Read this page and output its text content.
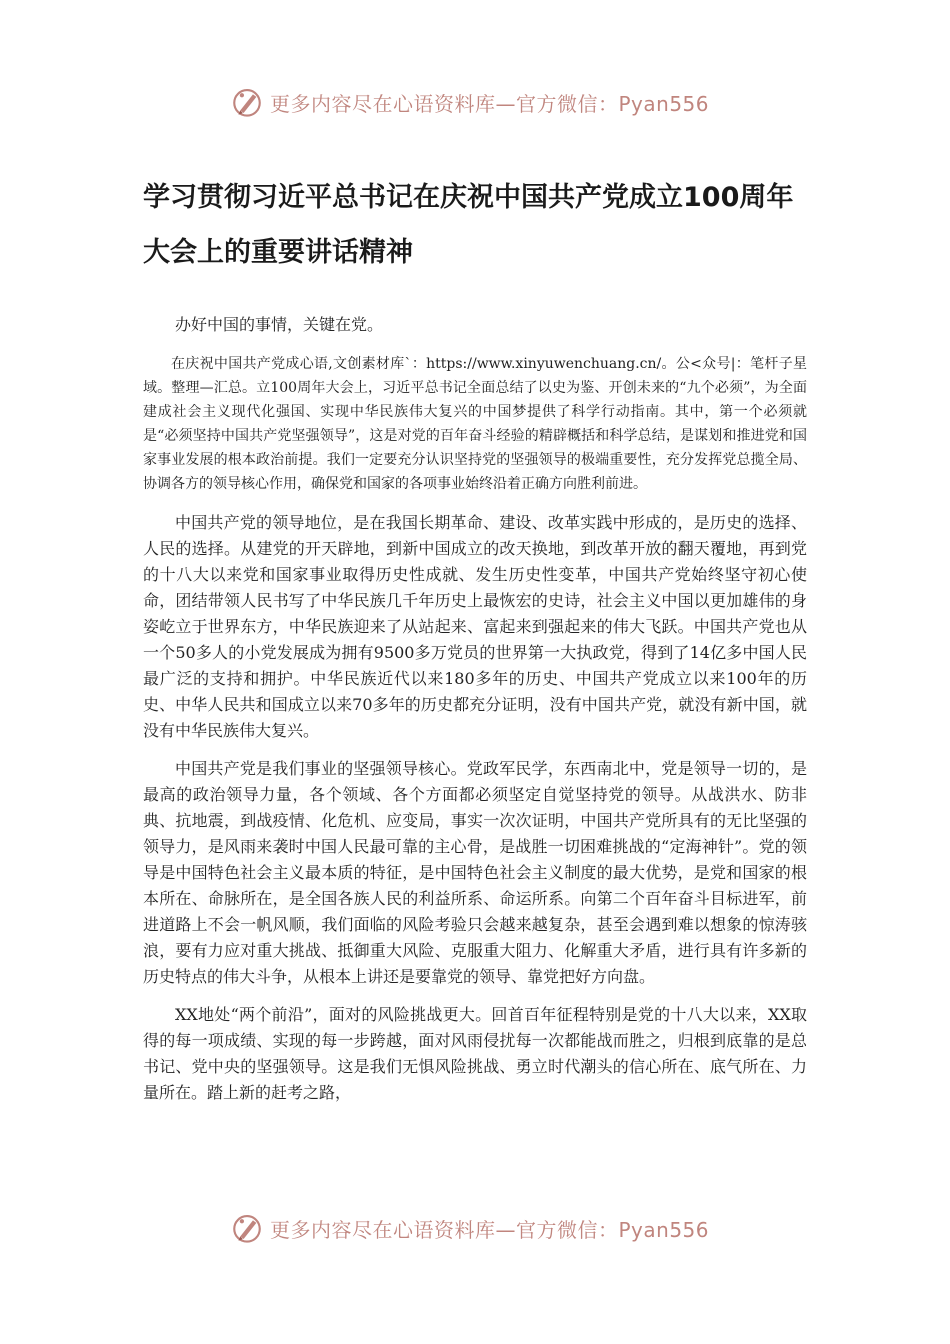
更多内容尽在心语资料库—官方微信：Pyan556
学习贯彻习近平总书记在庆祝中国共产党成立100周年大会上的重要讲话精神

办好中国的事情，关键在党。

在庆祝中国共产党成心语,文创素材库`：https://www.xinyuwenchuang.cn/。公<众号|：笔杆子星域。整理—汇总。立100周年大会上，习近平总书记全面总结了以史为鉴、开创未来的“九个必须”，为全面建成社会主义现代化强国、实现中华民族伟大复兴的中国梦提供了科学行动指南。其中，第一个必须就是“必须坚持中国共产党坚强领导”，这是对党的百年奋斗经验的精辟概括和科学总结，是谋划和推进党和国家事业发展的根本政治前提。我们一定要充分认识坚持党的坚强领导的极端重要性，充分发挥党总揽全局、协调各方的领导核心作用，确保党和国家的各项事业始终沿着正确方向胜利前进。

中国共产党的领导地位，是在我国长期革命、建设、改革实践中形成的，是历史的选择、人民的选择。从建党的开天辟地，到新中国成立的改天换地，到改革开放的翻天覆地，再到党的十八大以来党和国家事业取得历史性成就、发生历史性变革，中国共产党始终坚守初心使命，团结带领人民书写了中华民族几千年历史上最恢宏的史诗，社会主义中国以更加雄伟的身姿屹立于世界东方，中华民族迎来了从站起来、富起来到强起来的伟大飞跃。中国共产党也从一个50多人的小党发展成为拥有9500多万党员的世界第一大执政党，得到了14亿多中国人民最广泛的支持和拥护。中华民族近代以来180多年的历史、中国共产党成立以来100年的历史、中华人民共和国成立以来70多年的历史都充分证明，没有中国共产党，就没有新中国，就没有中华民族伟大复兴。

中国共产党是我们事业的坚强领导核心。党政军民学，东西南北中，党是领导一切的，是最高的政治领导力量，各个领域、各个方面都必须坚定自觉坚持党的领导。从战洪水、防非典、抗地震，到战疫情、化危机、应变局，事实一次次证明，中国共产党所具有的无比坚强的领导力，是风雨来袭时中国人民最可靠的主心骨，是战胜一切困难挑战的“定海神针”。党的领导是中国特色社会主义最本质的特征，是中国特色社会主义制度的最大优势，是党和国家的根本所在、命脉所在，是全国各族人民的利益所系、命运所系。向第二个百年奋斗目标进军，前进道路上不会一帆风顺，我们面临的风险考验只会越来越复杂，甚至会遇到难以想象的惊涛骇浪，要有力应对重大挑战、抵御重大风险、克服重大阻力、化解重大矛盾，进行具有许多新的历史特点的伟大斗争，从根本上讲还是要靠党的领导、靠党把好方向盘。

XX地处“两个前沿”，面对的风险挑战更大。回首百年征程特别是党的十八大以来，XX取得的每一项成绩、实现的每一步跨越，面对风雨侵扰每一次都能战而胜之，归根到底靠的是总书记、党中央的坚强领导。这是我们无惧风险挑战、勇立时代潮头的信心所在、底气所在、力量所在。踏上新的赶考之路，

更多内容尽在心语资料库—官方微信：Pyan556
